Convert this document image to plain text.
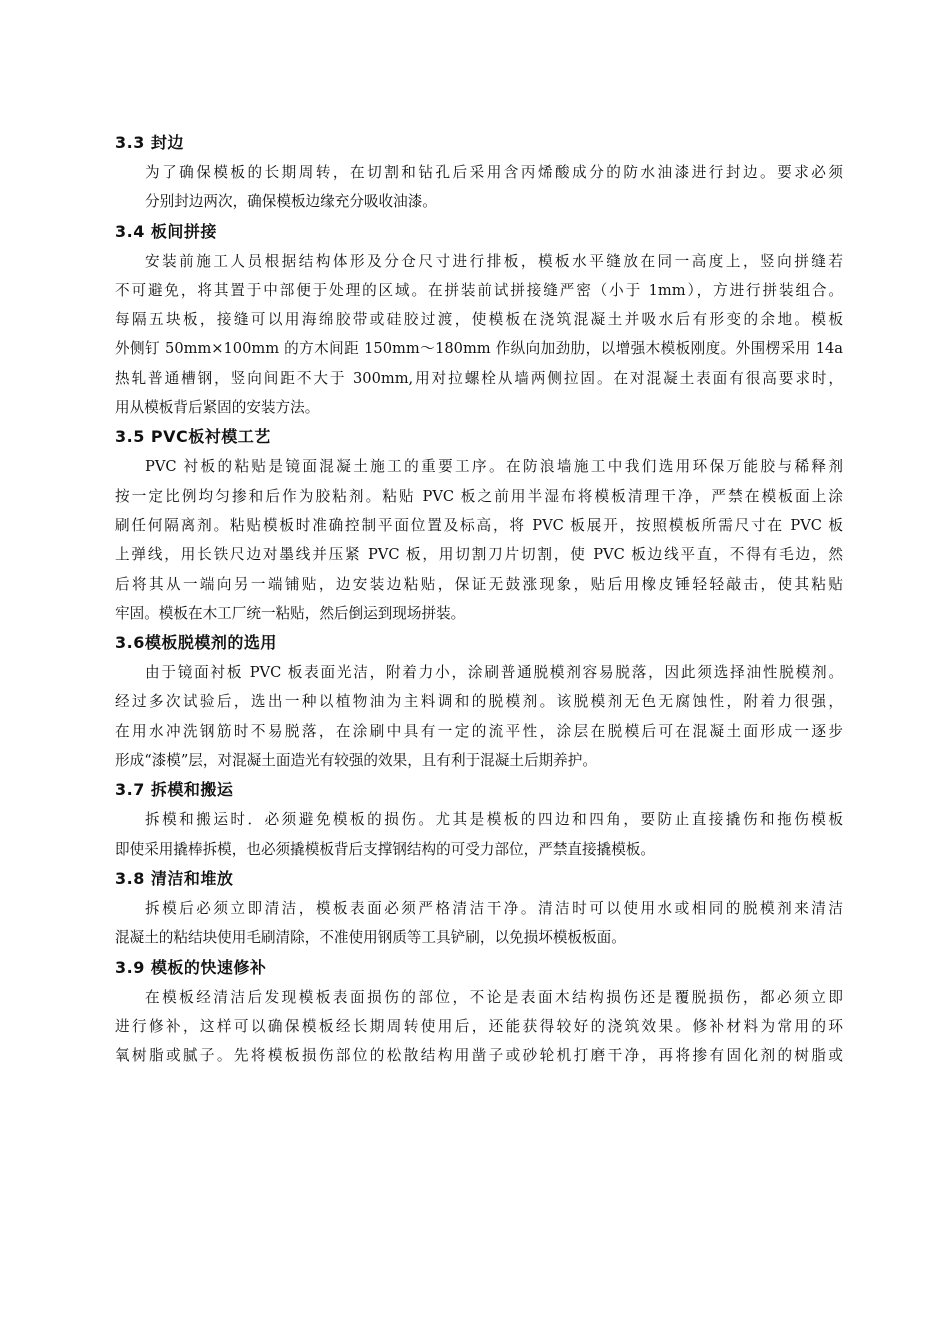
3.3 封边

为了确保模板的长期周转，在切割和钻孔后采用含丙烯酸成分的防水油漆进行封边。要求必须
分别封边两次，确保模板边缘充分吸收油漆。

3.4 板间拼接

安装前施工人员根据结构体形及分仓尺寸进行排板，模板水平缝放在同一高度上，竖向拼缝若
不可避免，将其置于中部便于处理的区域。在拼装前试拼接缝严密（小于 1mm），方进行拼装组合。
每隔五块板，接缝可以用海绵胶带或硅胶过渡，使模板在浇筑混凝土并吸水后有形变的余地。模板
外侧钉 50mm×100mm 的方木间距 150mm～180mm 作纵向加劲肋，以增强木模板刚度。外围楞采用 14a
热轧普通槽钢，竖向间距不大于 300mm,用对拉螺栓从墙两侧拉固。在对混凝土表面有很高要求时，
用从模板背后紧固的安装方法。

3.5 PVC板衬模工艺

PVC 衬板的粘贴是镜面混凝土施工的重要工序。在防浪墙施工中我们选用环保万能胶与稀释剂
按一定比例均匀掺和后作为胶粘剂。粘贴 PVC 板之前用半湿布将模板清理干净，严禁在模板面上涂
刷任何隔离剂。粘贴模板时准确控制平面位置及标高，将 PVC 板展开，按照模板所需尺寸在 PVC 板
上弹线，用长铁尺边对墨线并压紧 PVC 板，用切割刀片切割，使 PVC 板边线平直，不得有毛边，然
后将其从一端向另一端铺贴，边安装边粘贴，保证无鼓涨现象，贴后用橡皮锤轻轻敲击，使其粘贴
牢固。模板在木工厂统一粘贴，然后倒运到现场拼装。

3.6模板脱模剂的选用

由于镜面衬板 PVC 板表面光洁，附着力小，涂刷普通脱模剂容易脱落，因此须选择油性脱模剂。
经过多次试验后，选出一种以植物油为主料调和的脱模剂。该脱模剂无色无腐蚀性，附着力很强，
在用水冲洗钢筋时不易脱落，在涂刷中具有一定的流平性，涂层在脱模后可在混凝土面形成一逐步
形成“漆模”层，对混凝土面造光有较强的效果，且有利于混凝土后期养护。

3.7 拆模和搬运

拆模和搬运时．必须避免模板的损伤。尤其是模板的四边和四角，要防止直接撬伤和拖伤模板
即使采用撬棒拆模，也必须撬模板背后支撑钢结构的可受力部位，严禁直接撬模板。

3.8 清洁和堆放

拆模后必须立即清洁，模板表面必须严格清洁干净。清洁时可以使用水或相同的脱模剂来清洁
混凝土的粘结块使用毛刷清除，不准使用钢质等工具铲刷，以免损坏模板板面。

3.9 模板的快速修补

在模板经清洁后发现模板表面损伤的部位，不论是表面木结构损伤还是覆脱损伤，都必须立即
进行修补，这样可以确保模板经长期周转使用后，还能获得较好的浇筑效果。修补材料为常用的环
氧树脂或腻子。先将模板损伤部位的松散结构用凿子或砂轮机打磨干净，再将掺有固化剂的树脂或
